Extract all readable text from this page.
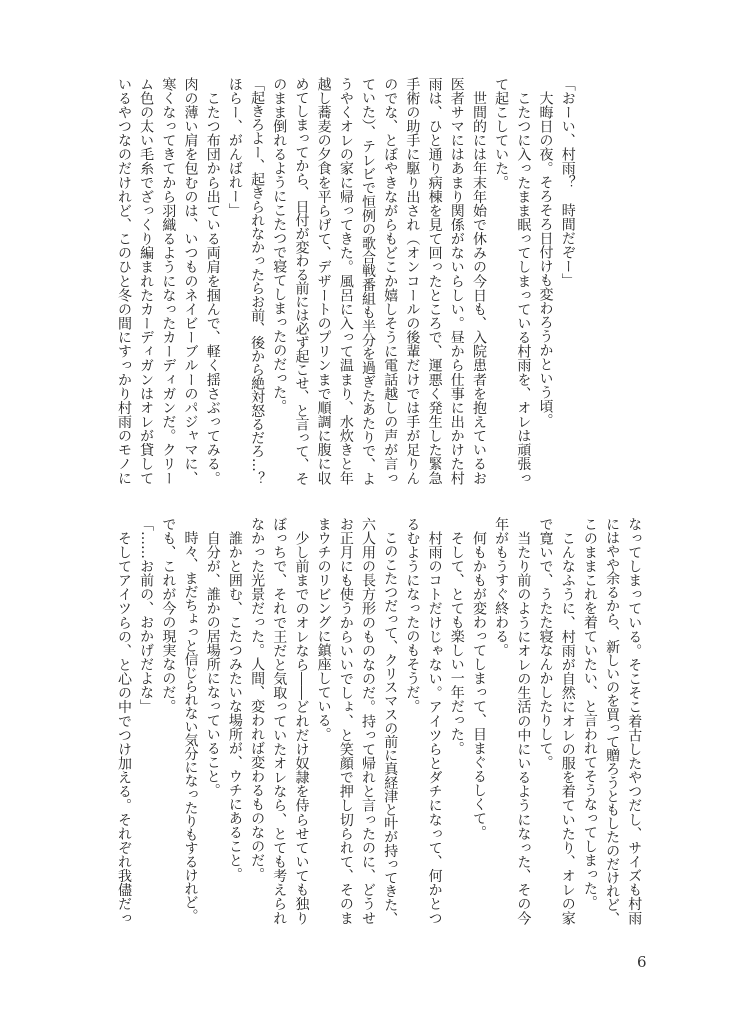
「おーい、村雨？　時間だぞー」
　大晦日の夜。そろそろ日付けも変わろうかという頃。
　こたつに入ったまま眠ってしまっている村雨を、オレは頑張っ
て起こしていた。
　世間的には年末年始で休みの今日も、入院患者を抱えているお
医者サマにはあまり関係がないらしい。昼から仕事に出かけた村
雨は、ひと通り病棟を見て回ったところで、運悪く発生した緊急
手術の助手に駆り出され（オンコールの後輩だけでは手が足りん
のでな、とぼやきながらもどこか嬉しそうに電話越しの声が言っ
ていた）、テレビで恒例の歌合戦番組も半分を過ぎたあたりで、よ
うやくオレの家に帰ってきた。風呂に入って温まり、水炊きと年
越し蕎麦の夕食を平らげて、デザートのプリンまで順調に腹に収
めてしまってから、日付が変わる前には必ず起こせ、と言って、そ
のまま倒れるようにこたつで寝てしまったのだった。
「起きろよー、起きられなかったらお前、後から絶対怒るだろ…？
ほらー、がんばれー」
　こたつ布団から出ている両肩を掴んで、軽く揺さぶってみる。
肉の薄い肩を包むのは、いつものネイビーブルーのパジャマに、
寒くなってきてから羽織るようになったカーディガンだ。クリー
ム色の太い毛糸でざっくり編まれたカーディガンはオレが貸して
いるやつなのだけれど、このひと冬の間にすっかり村雨のモノに
なってしまっている。そこそこ着古したやつだし、サイズも村雨
にはやや余るから、新しいのを買って贈ろうともしたのだけれど、
このままこれを着ていたい、と言われてそうなってしまった。
　こんなふうに、村雨が自然にオレの服を着ていたり、オレの家
で寛いで、うたた寝なんかしたりして。
　当たり前のようにオレの生活の中にいるようになった、その今
年がもうすぐ終わる。
　何もかもが変わってしまって、目まぐるしくて。
　そして、とても楽しい一年だった。
　村雨のコトだけじゃない。アイツらとダチになって、何かとつ
るむようになったのもそうだ。
　このこたつだって、クリスマスの前に真経津と叶が持ってきた、
六人用の長方形のものなのだ。持って帰れと言ったのに、どうせ
お正月にも使うからいいでしょ、と笑顔で押し切られて、そのま
まウチのリビングに鎮座している。
　少し前までのオレなら――どれだけ奴隷を侍らせていても独り
ぼっちで、それで王だと気取っていたオレなら、とても考えられ
なかった光景だった。人間、変われば変わるものなのだ。
　誰かと囲む、こたつみたいな場所が、ウチにあること。
　自分が、誰かの居場所になっていること。
　時々、まだちょっと信じられない気分になったりもするけれど。
でも、これが今の現実なのだ。
「……お前の、おかげだよな」
　そしてアイツらの、と心の中でつけ加える。それぞれ我儘だっ
6
